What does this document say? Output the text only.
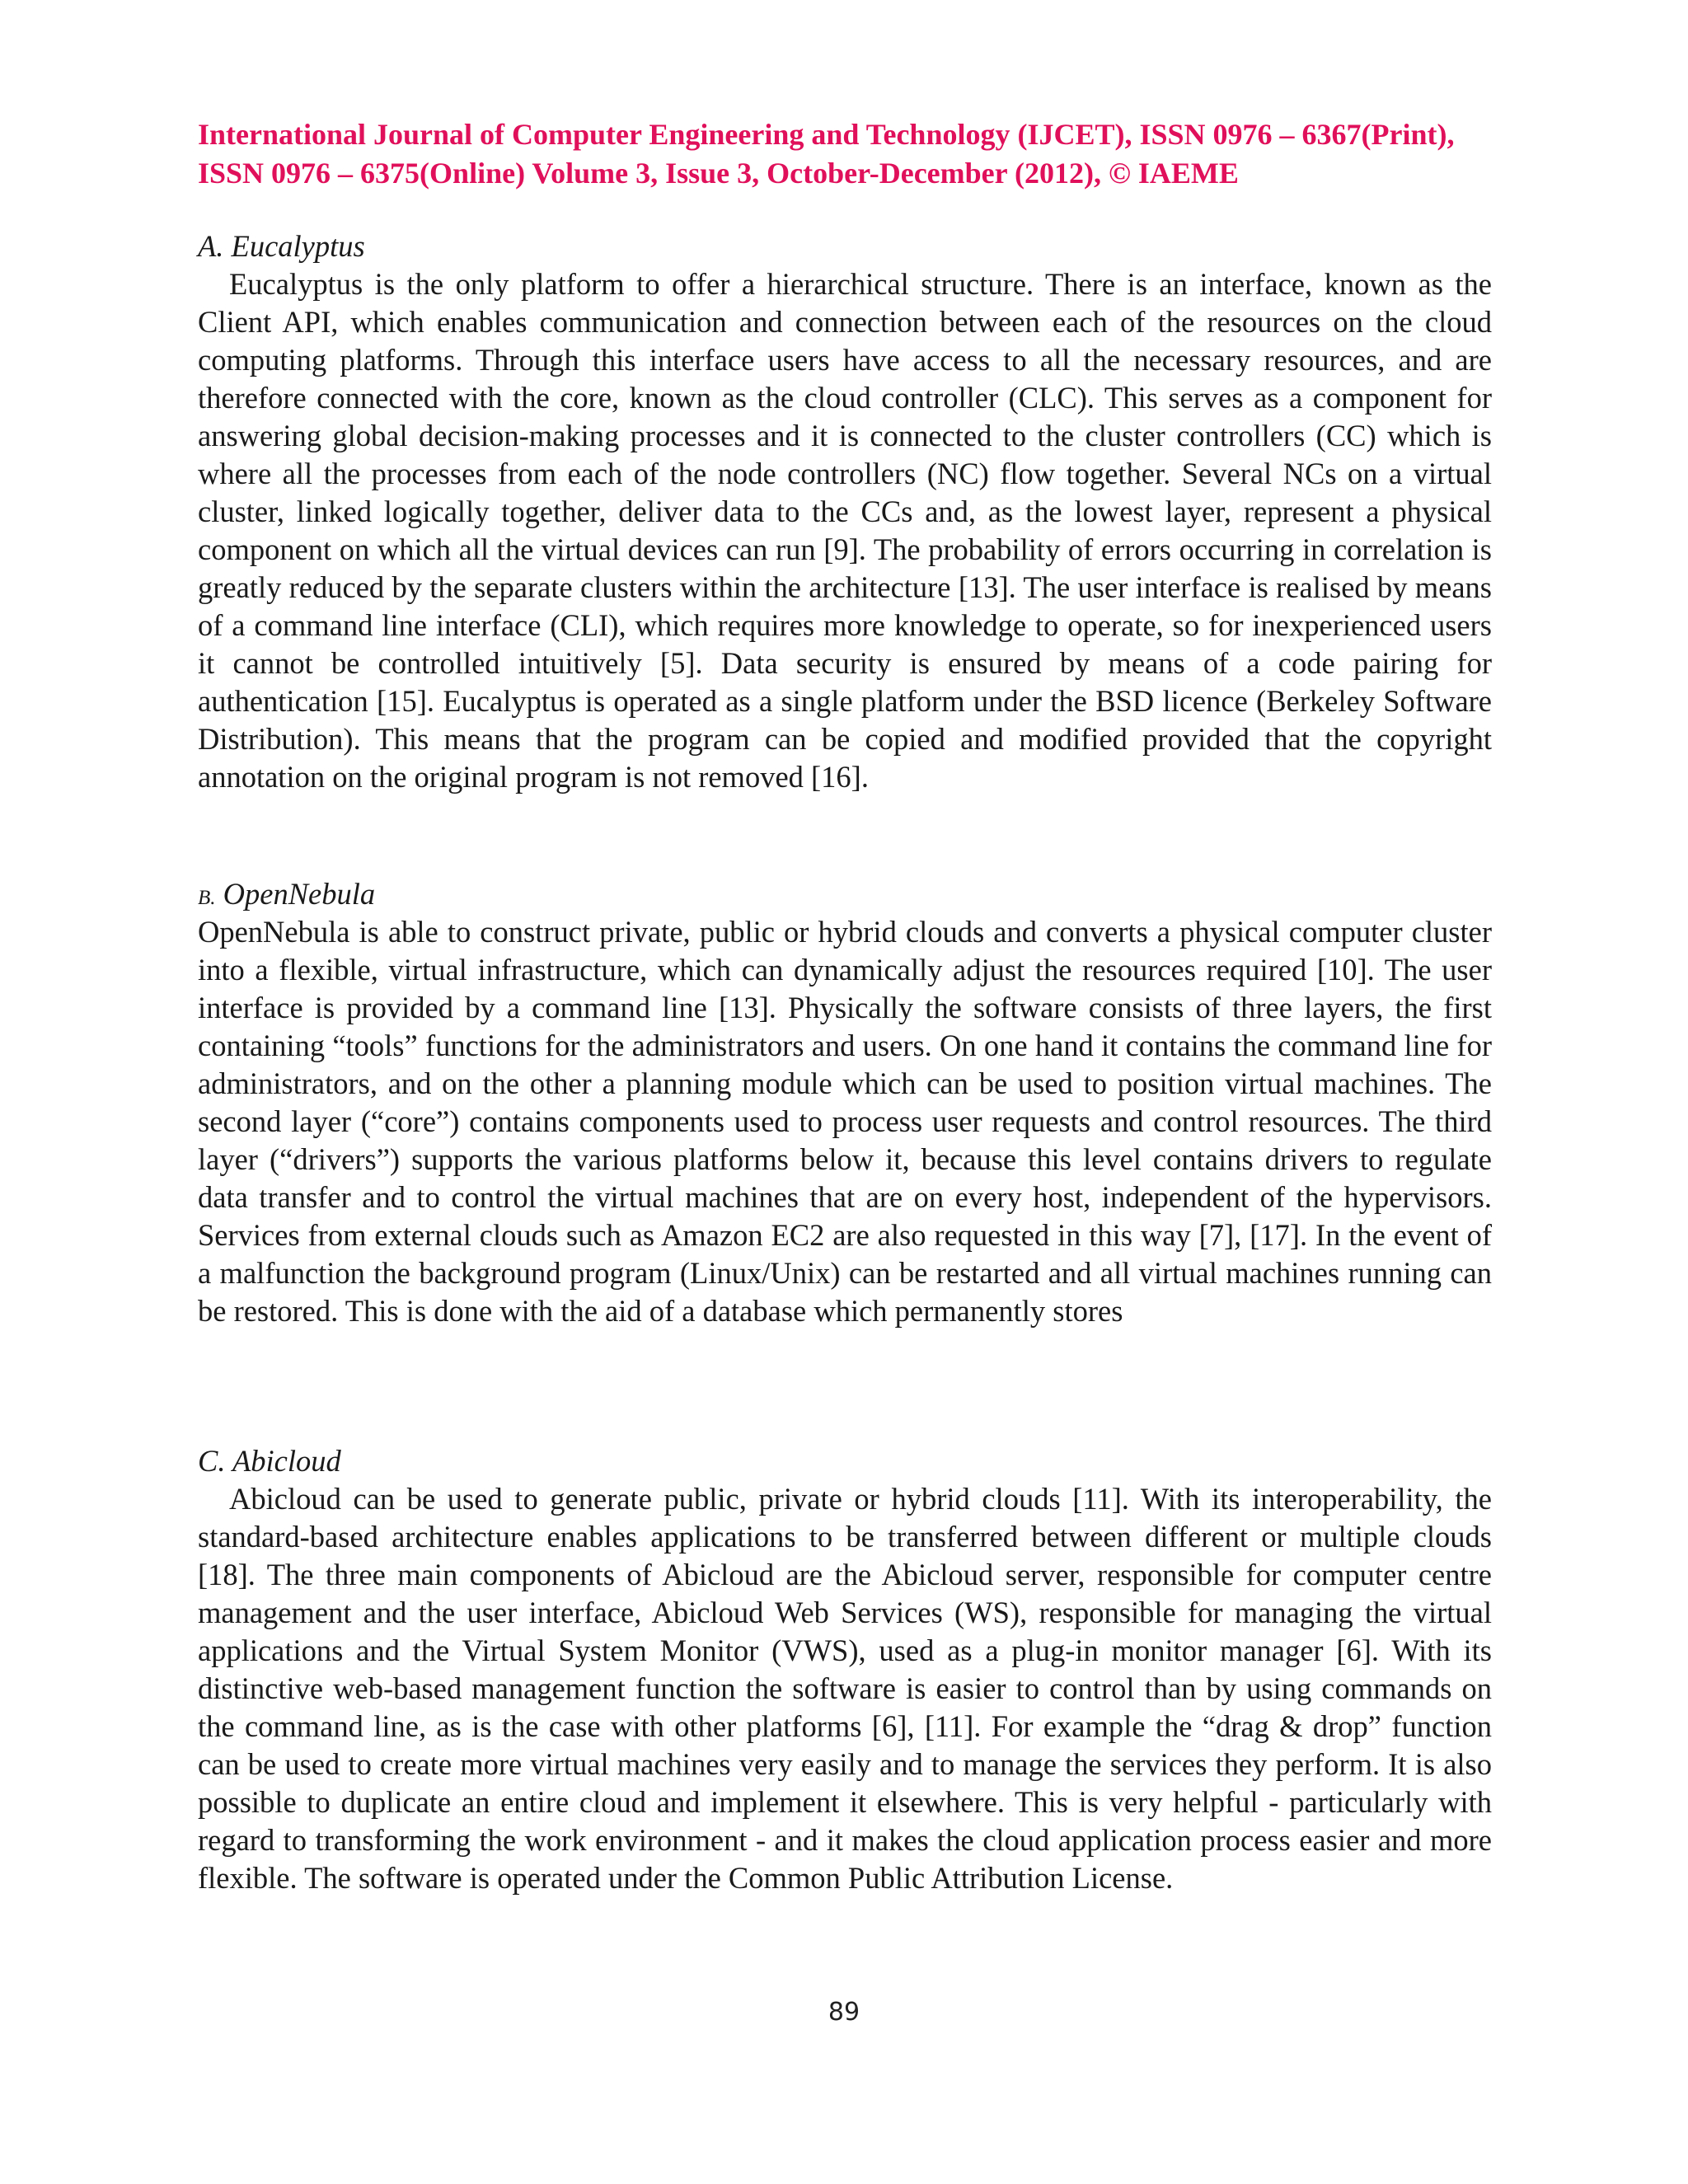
International Journal of Computer Engineering and Technology (IJCET), ISSN 0976 – 6367(Print),
ISSN 0976 – 6375(Online) Volume 3, Issue 3, October-December (2012), © IAEME
A. Eucalyptus

Eucalyptus is the only platform to offer a hierarchical structure. There is an interface, known as the Client API, which enables communication and connection between each of the resources on the cloud computing platforms. Through this interface users have access to all the necessary resources, and are therefore connected with the core, known as the cloud controller (CLC). This serves as a component for answering global decision-making processes and it is connected to the cluster controllers (CC) which is where all the processes from each of the node controllers (NC) flow together. Several NCs on a virtual cluster, linked logically together, deliver data to the CCs and, as the lowest layer, represent a physical component on which all the virtual devices can run [9]. The probability of errors occurring in correlation is greatly reduced by the separate clusters within the architecture [13]. The user interface is realised by means of a command line interface (CLI), which requires more knowledge to operate, so for inexperienced users it cannot be controlled intuitively [5]. Data security is ensured by means of a code pairing for authentication [15]. Eucalyptus is operated as a single platform under the BSD licence (Berkeley Software Distribution). This means that the program can be copied and modified provided that the copyright annotation on the original program is not removed [16].

B. OpenNebula

OpenNebula is able to construct private, public or hybrid clouds and converts a physical computer cluster into a flexible, virtual infrastructure, which can dynamically adjust the resources required [10]. The user interface is provided by a command line [13]. Physically the software consists of three layers, the first containing “tools” functions for the administrators and users. On one hand it contains the command line for administrators, and on the other a planning module which can be used to position virtual machines. The second layer (“core”) contains components used to process user requests and control resources. The third layer (“drivers”) supports the various platforms below it, because this level contains drivers to regulate data transfer and to control the virtual machines that are on every host, independent of the hypervisors. Services from external clouds such as Amazon EC2 are also requested in this way [7], [17]. In the event of a malfunction the background program (Linux/Unix) can be restarted and all virtual machines running can be restored. This is done with the aid of a database which permanently stores

C. Abicloud

Abicloud can be used to generate public, private or hybrid clouds [11]. With its interoperability, the standard-based architecture enables applications to be transferred between different or multiple clouds [18]. The three main components of Abicloud are the Abicloud server, responsible for computer centre management and the user interface, Abicloud Web Services (WS), responsible for managing the virtual applications and the Virtual System Monitor (VWS), used as a plug-in monitor manager [6]. With its distinctive web-based management function the software is easier to control than by using commands on the command line, as is the case with other platforms [6], [11]. For example the “drag & drop” function can be used to create more virtual machines very easily and to manage the services they perform. It is also possible to duplicate an entire cloud and implement it elsewhere. This is very helpful - particularly with regard to transforming the work environment - and it makes the cloud application process easier and more flexible. The software is operated under the Common Public Attribution License.

89
